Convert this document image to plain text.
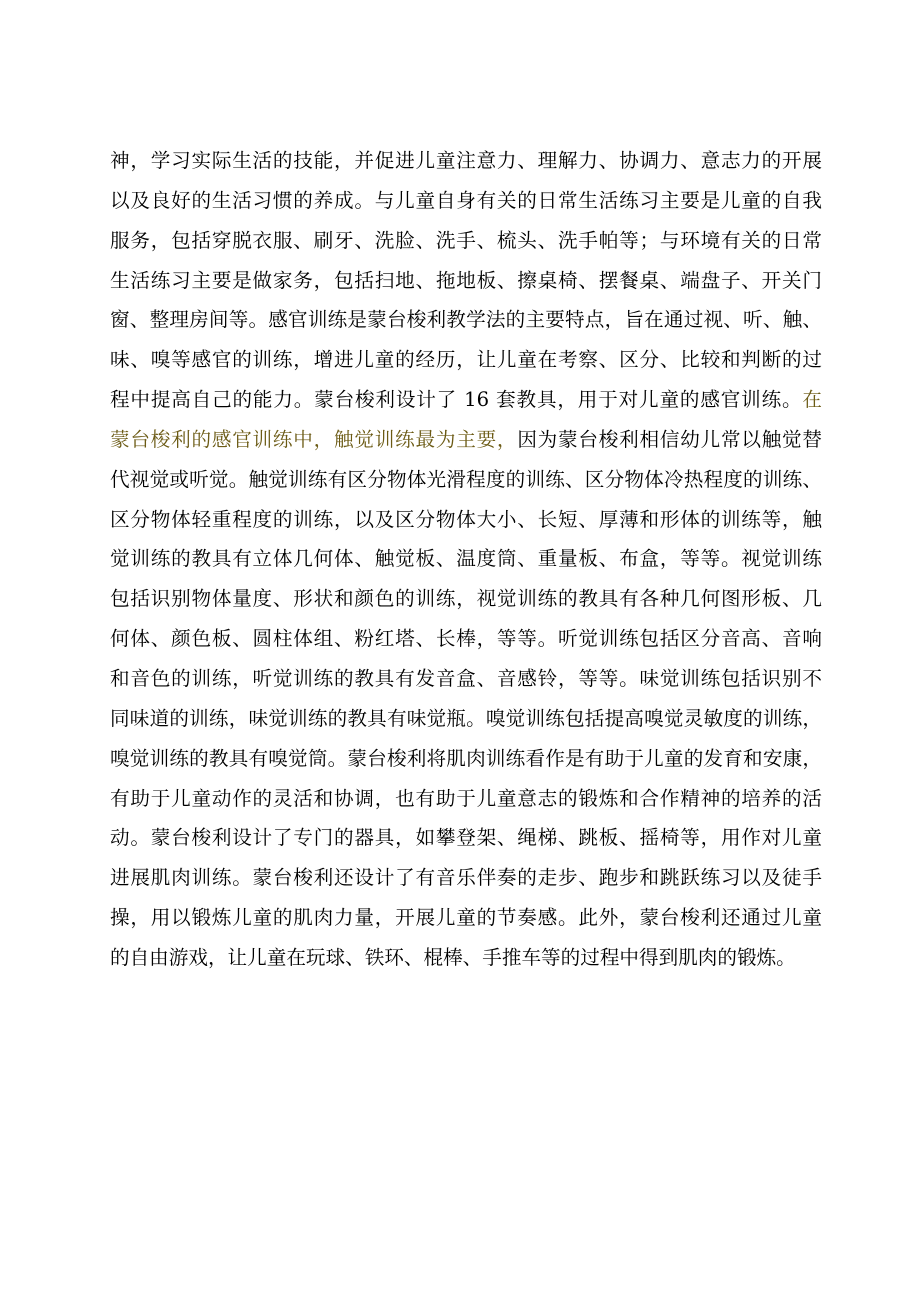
神，学习实际生活的技能，并促进儿童注意力、理解力、协调力、意志力的开展
以及良好的生活习惯的养成。与儿童自身有关的日常生活练习主要是儿童的自我
服务，包括穿脱衣服、刷牙、洗脸、洗手、梳头、洗手帕等；与环境有关的日常
生活练习主要是做家务，包括扫地、拖地板、擦桌椅、摆餐桌、端盘子、开关门
窗、整理房间等。感官训练是蒙台梭利教学法的主要特点，旨在通过视、听、触、
味、嗅等感官的训练，增进儿童的经历，让儿童在考察、区分、比较和判断的过
程中提高自己的能力。蒙台梭利设计了 16 套教具，用于对儿童的感官训练。在
蒙台梭利的感官训练中，触觉训练最为主要，因为蒙台梭利相信幼儿常以触觉替
代视觉或听觉。触觉训练有区分物体光滑程度的训练、区分物体冷热程度的训练、
区分物体轻重程度的训练，以及区分物体大小、长短、厚薄和形体的训练等，触
觉训练的教具有立体几何体、触觉板、温度筒、重量板、布盒，等等。视觉训练
包括识别物体量度、形状和颜色的训练，视觉训练的教具有各种几何图形板、几
何体、颜色板、圆柱体组、粉红塔、长棒，等等。听觉训练包括区分音高、音响
和音色的训练，听觉训练的教具有发音盒、音感铃，等等。味觉训练包括识别不
同味道的训练，味觉训练的教具有味觉瓶。嗅觉训练包括提高嗅觉灵敏度的训练，
嗅觉训练的教具有嗅觉筒。蒙台梭利将肌肉训练看作是有助于儿童的发育和安康，
有助于儿童动作的灵活和协调，也有助于儿童意志的锻炼和合作精神的培养的活
动。蒙台梭利设计了专门的器具，如攀登架、绳梯、跳板、摇椅等，用作对儿童
进展肌肉训练。蒙台梭利还设计了有音乐伴奏的走步、跑步和跳跃练习以及徒手
操，用以锻炼儿童的肌肉力量，开展儿童的节奏感。此外，蒙台梭利还通过儿童
的自由游戏，让儿童在玩球、铁环、棍棒、手推车等的过程中得到肌肉的锻炼。
